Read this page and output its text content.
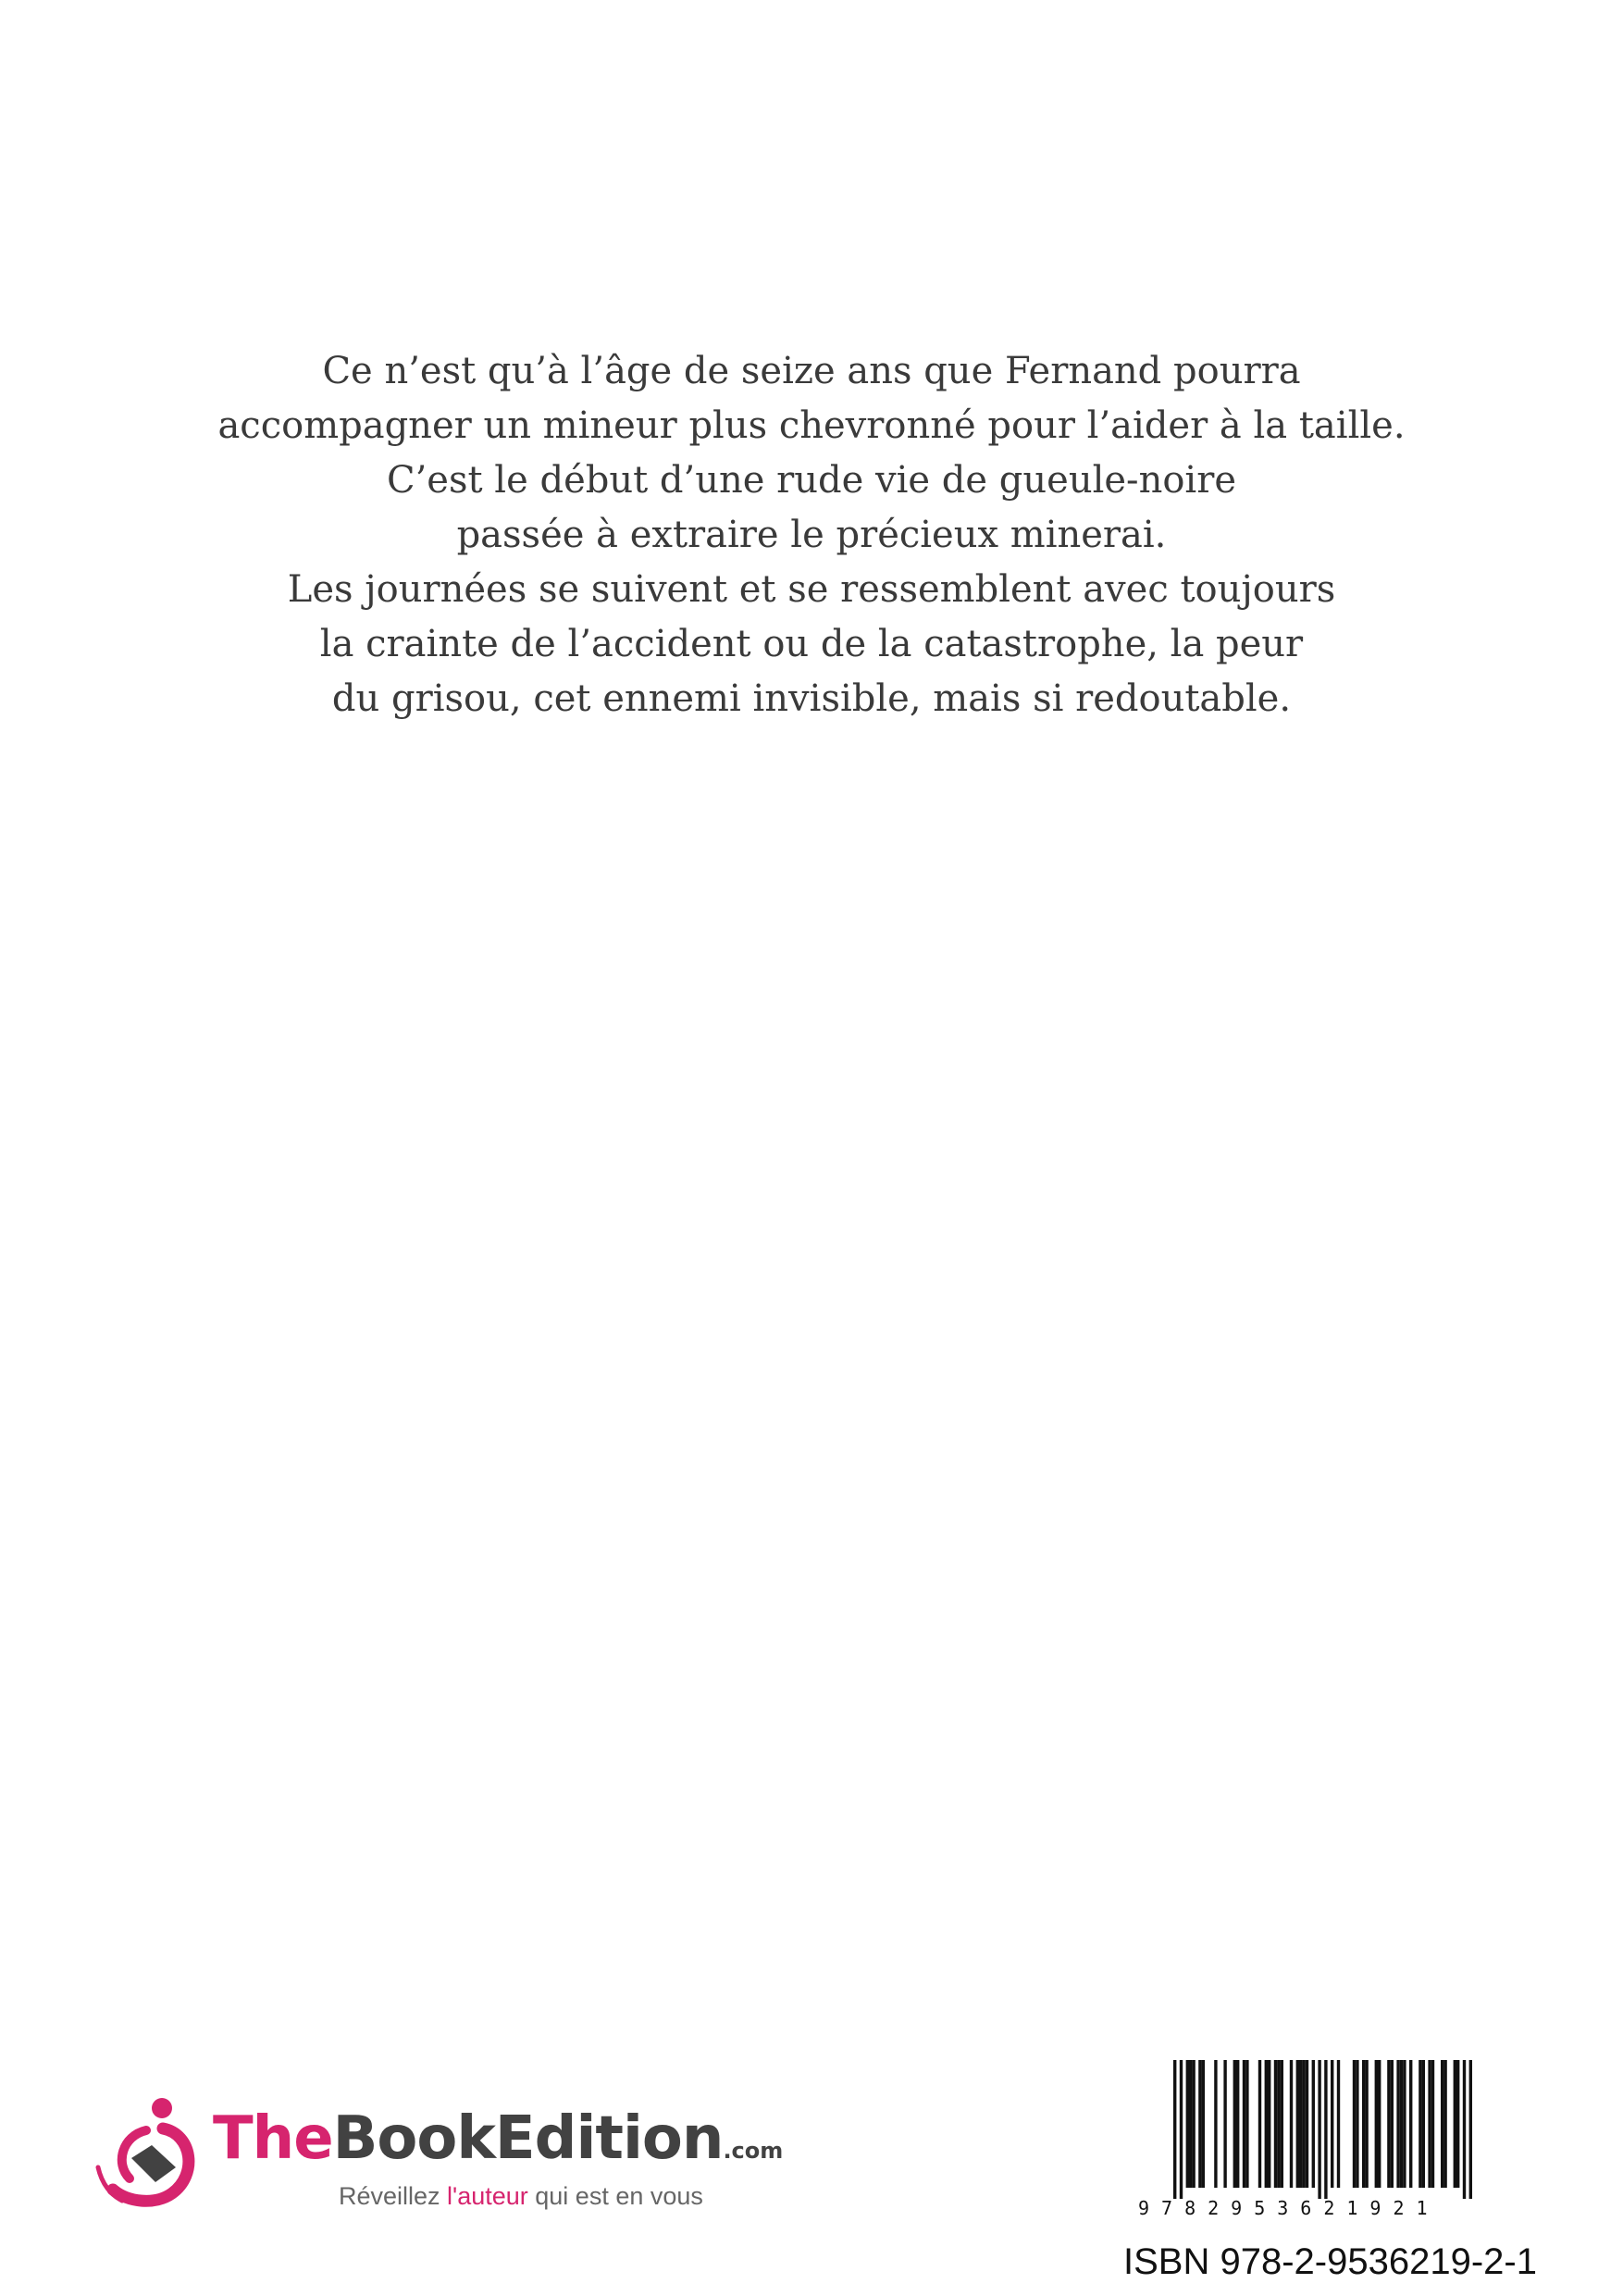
Ce n’est qu’à l’âge de seize ans que Fernand pourra
accompagner un mineur plus chevronné pour l’aider à la taille.
C’est le début d’une rude vie de gueule-noire
passée à extraire le précieux minerai.
Les journées se suivent et se ressemblent avec toujours
la crainte de l’accident ou de la catastrophe, la peur
du grisou, cet ennemi invisible, mais si redoutable.
TheBookEdition.com
Réveillez l'auteur qui est en vous	9782953621921
ISBN 978-2-9536219-2-1
